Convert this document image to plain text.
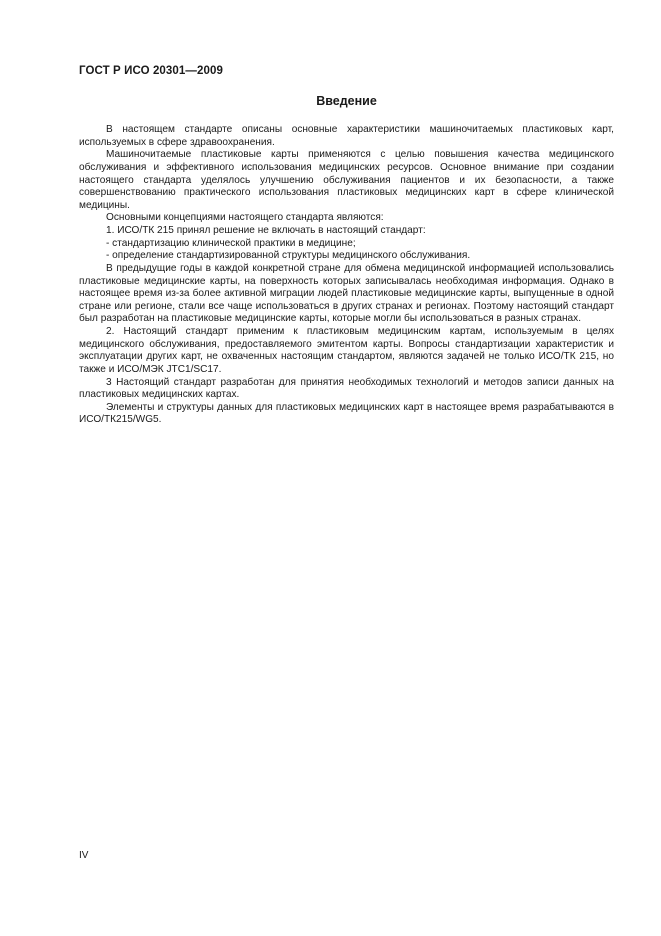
ГОСТ Р ИСО 20301—2009
Введение

В настоящем стандарте описаны основные характеристики машиночитаемых пластиковых карт, используемых в сфере здравоохранения.

Машиночитаемые пластиковые карты применяются с целью повышения качества медицинского обслуживания и эффективного использования медицинских ресурсов. Основное внимание при создании настоящего стандарта уделялось улучшению обслуживания пациентов и их безопасности, а также совершенствованию практического использования пластиковых медицинских карт в сфере клинической медицины.

Основными концепциями настоящего стандарта являются:

1. ИСО/ТК 215 принял решение не включать в настоящий стандарт:

- стандартизацию клинической практики в медицине;

- определение стандартизированной структуры медицинского обслуживания.

В предыдущие годы в каждой конкретной стране для обмена медицинской информацией использовались пластиковые медицинские карты, на поверхность которых записывалась необходимая информация. Однако в настоящее время из-за более активной миграции людей пластиковые медицинские карты, выпущенные в одной стране или регионе, стали все чаще использоваться в других странах и регионах. Поэтому настоящий стандарт был разработан на пластиковые медицинские карты, которые могли бы использоваться в разных странах.

2. Настоящий стандарт применим к пластиковым медицинским картам, используемым в целях медицинского обслуживания, предоставляемого эмитентом карты. Вопросы стандартизации характеристик и эксплуатации других карт, не охваченных настоящим стандартом, являются задачей не только ИСО/ТК 215, но также и ИСО/МЭК JTC1/SC17.

3 Настоящий стандарт разработан для принятия необходимых технологий и методов записи данных на пластиковых медицинских картах.

Элементы и структуры данных для пластиковых медицинских карт в настоящее время разрабатываются в ИСО/ТК215/WG5.

IV
